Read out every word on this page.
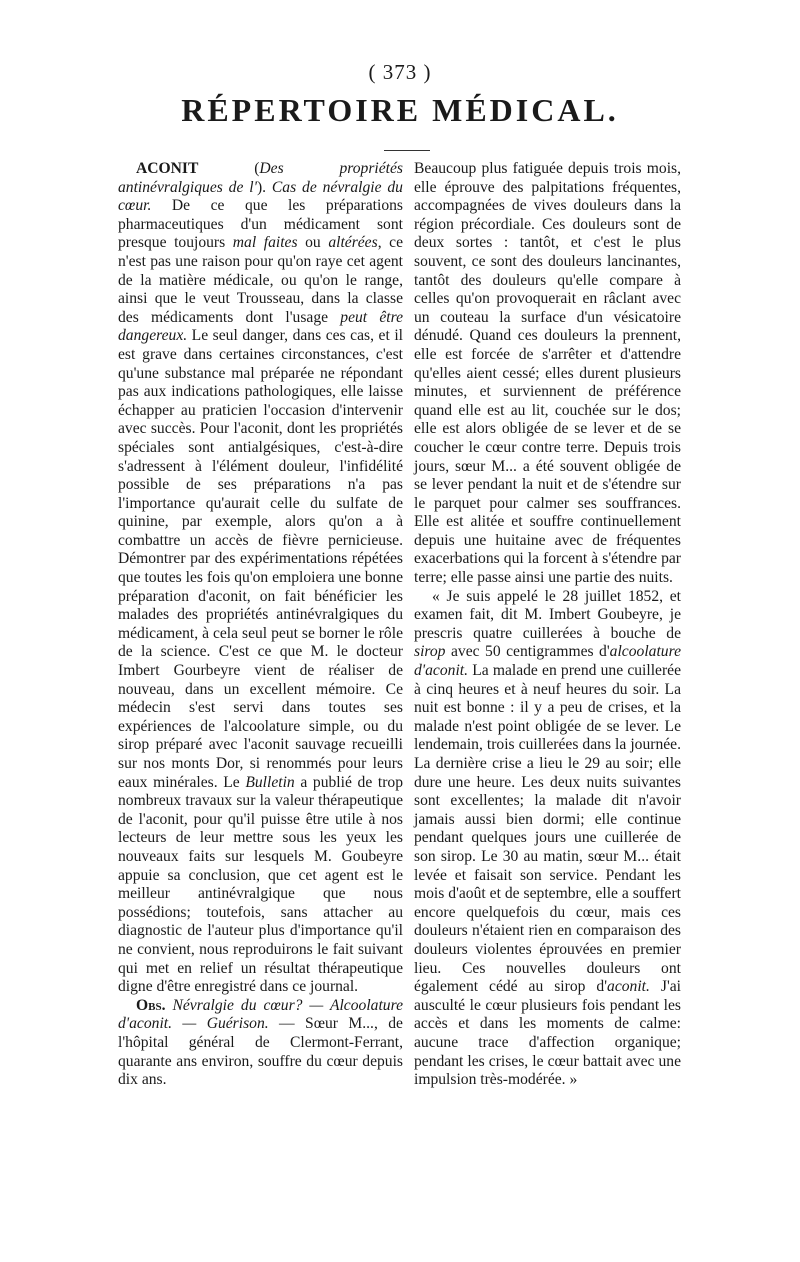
( 373 )
RÉPERTOIRE MÉDICAL.

ACONIT (Des propriétés antinévralgiques de l'). Cas de névralgie du cœur. De ce que les préparations pharmaceutiques d'un médicament sont presque toujours mal faites ou altérées, ce n'est pas une raison pour qu'on raye cet agent de la matière médicale, ou qu'on le range, ainsi que le veut Trousseau, dans la classe des médicaments dont l'usage peut être dangereux. Le seul danger, dans ces cas, et il est grave dans certaines circonstances, c'est qu'une substance mal préparée ne répondant pas aux indications pathologiques, elle laisse échapper au praticien l'occasion d'intervenir avec succès. Pour l'aconit, dont les propriétés spéciales sont antialgésiques, c'est-à-dire s'adressent à l'élément douleur, l'infidélité possible de ses préparations n'a pas l'importance qu'aurait celle du sulfate de quinine, par exemple, alors qu'on a à combattre un accès de fièvre pernicieuse. Démontrer par des expérimentations répétées que toutes les fois qu'on emploiera une bonne préparation d'aconit, on fait bénéficier les malades des propriétés antinévralgiques du médicament, à cela seul peut se borner le rôle de la science. C'est ce que M. le docteur Imbert Gourbeyre vient de réaliser de nouveau, dans un excellent mémoire. Ce médecin s'est servi dans toutes ses expériences de l'alcoolature simple, ou du sirop préparé avec l'aconit sauvage recueilli sur nos monts Dor, si renommés pour leurs eaux minérales. Le Bulletin a publié de trop nombreux travaux sur la valeur thérapeutique de l'aconit, pour qu'il puisse être utile à nos lecteurs de leur mettre sous les yeux les nouveaux faits sur lesquels M. Goubeyre appuie sa conclusion, que cet agent est le meilleur antinévralgique que nous possédions; toutefois, sans attacher au diagnostic de l'auteur plus d'importance qu'il ne convient, nous reproduirons le fait suivant qui met en relief un résultat thérapeutique digne d'être enregistré dans ce journal.

Obs. Névralgie du cœur? — Alcoolature d'aconit. — Guérison. — Sœur M..., de l'hôpital général de Clermont-Ferrant, quarante ans environ, souffre du cœur depuis dix ans.

Beaucoup plus fatiguée depuis trois mois, elle éprouve des palpitations fréquentes, accompagnées de vives douleurs dans la région précordiale. Ces douleurs sont de deux sortes : tantôt, et c'est le plus souvent, ce sont des douleurs lancinantes, tantôt des douleurs qu'elle compare à celles qu'on provoquerait en râclant avec un couteau la surface d'un vésicatoire dénudé. Quand ces douleurs la prennent, elle est forcée de s'arrêter et d'attendre qu'elles aient cessé; elles durent plusieurs minutes, et surviennent de préférence quand elle est au lit, couchée sur le dos; elle est alors obligée de se lever et de se coucher le cœur contre terre. Depuis trois jours, sœur M... a été souvent obligée de se lever pendant la nuit et de s'étendre sur le parquet pour calmer ses souffrances. Elle est alitée et souffre continuellement depuis une huitaine avec de fréquentes exacerbations qui la forcent à s'étendre par terre; elle passe ainsi une partie des nuits.

« Je suis appelé le 28 juillet 1852, et examen fait, dit M. Imbert Goubeyre, je prescris quatre cuillerées à bouche de sirop avec 50 centigrammes d'alcoolature d'aconit. La malade en prend une cuillerée à cinq heures et à neuf heures du soir. La nuit est bonne : il y a peu de crises, et la malade n'est point obligée de se lever. Le lendemain, trois cuillerées dans la journée. La dernière crise a lieu le 29 au soir; elle dure une heure. Les deux nuits suivantes sont excellentes; la malade dit n'avoir jamais aussi bien dormi; elle continue pendant quelques jours une cuillerée de son sirop. Le 30 au matin, sœur M... était levée et faisait son service. Pendant les mois d'août et de septembre, elle a souffert encore quelquefois du cœur, mais ces douleurs n'étaient rien en comparaison des douleurs violentes éprouvées en premier lieu. Ces nouvelles douleurs ont également cédé au sirop d'aconit. J'ai ausculté le cœur plusieurs fois pendant les accès et dans les moments de calme: aucune trace d'affection organique; pendant les crises, le cœur battait avec une impulsion très-modérée. »
